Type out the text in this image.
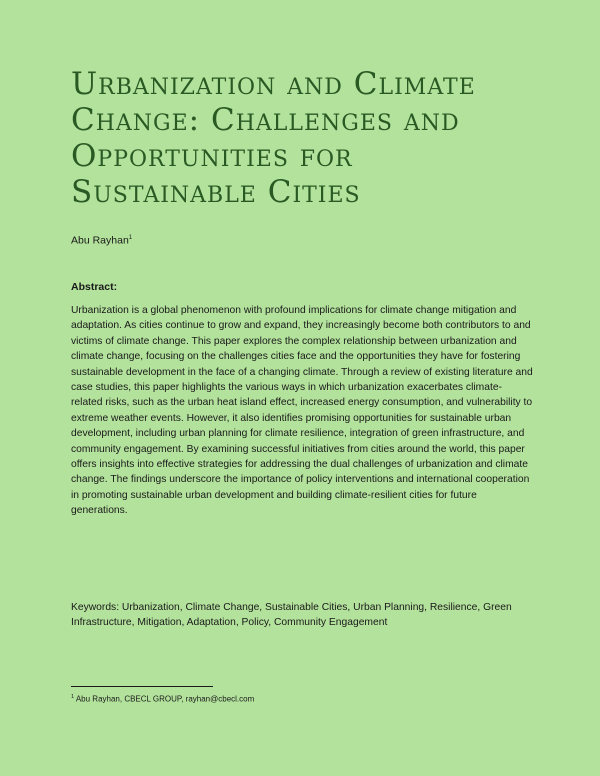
Urbanization and Climate Change: Challenges and Opportunities for Sustainable Cities
Abu Rayhan$^1$
Abstract:

Urbanization is a global phenomenon with profound implications for climate change mitigation and adaptation. As cities continue to grow and expand, they increasingly become both contributors to and victims of climate change. This paper explores the complex relationship between urbanization and climate change, focusing on the challenges cities face and the opportunities they have for fostering sustainable development in the face of a changing climate. Through a review of existing literature and case studies, this paper highlights the various ways in which urbanization exacerbates climate-related risks, such as the urban heat island effect, increased energy consumption, and vulnerability to extreme weather events. However, it also identifies promising opportunities for sustainable urban development, including urban planning for climate resilience, integration of green infrastructure, and community engagement. By examining successful initiatives from cities around the world, this paper offers insights into effective strategies for addressing the dual challenges of urbanization and climate change. The findings underscore the importance of policy interventions and international cooperation in promoting sustainable urban development and building climate-resilient cities for future generations.

Keywords: Urbanization, Climate Change, Sustainable Cities, Urban Planning, Resilience, Green Infrastructure, Mitigation, Adaptation, Policy, Community Engagement

$^1$ Abu Rayhan, CBECL GROUP, rayhan@cbecl.com
